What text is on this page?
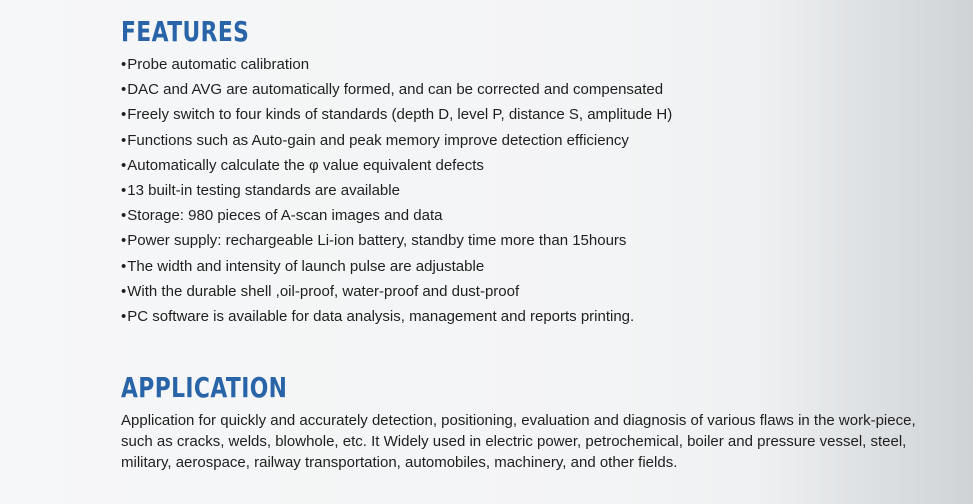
FEATURES
•Probe automatic calibration
•DAC and AVG are automatically formed, and can be corrected and compensated
•Freely switch to four kinds of standards (depth D, level P, distance S, amplitude H)
•Functions such as Auto-gain and peak memory improve detection efficiency
•Automatically calculate the φ value equivalent defects
•13 built-in testing standards are available
•Storage: 980 pieces of A-scan images and data
•Power supply: rechargeable Li-ion battery, standby time more than 15hours
•The width and intensity of launch pulse are adjustable
•With the durable shell ,oil-proof, water-proof and dust-proof
•PC software is available for data analysis, management and reports printing.
APPLICATION

Application for quickly and accurately detection, positioning, evaluation and diagnosis of various flaws in the work-piece, such as cracks, welds, blowhole, etc. It Widely used in electric power, petrochemical, boiler and pressure vessel, steel, military, aerospace, railway transportation, automobiles, machinery, and other fields.
